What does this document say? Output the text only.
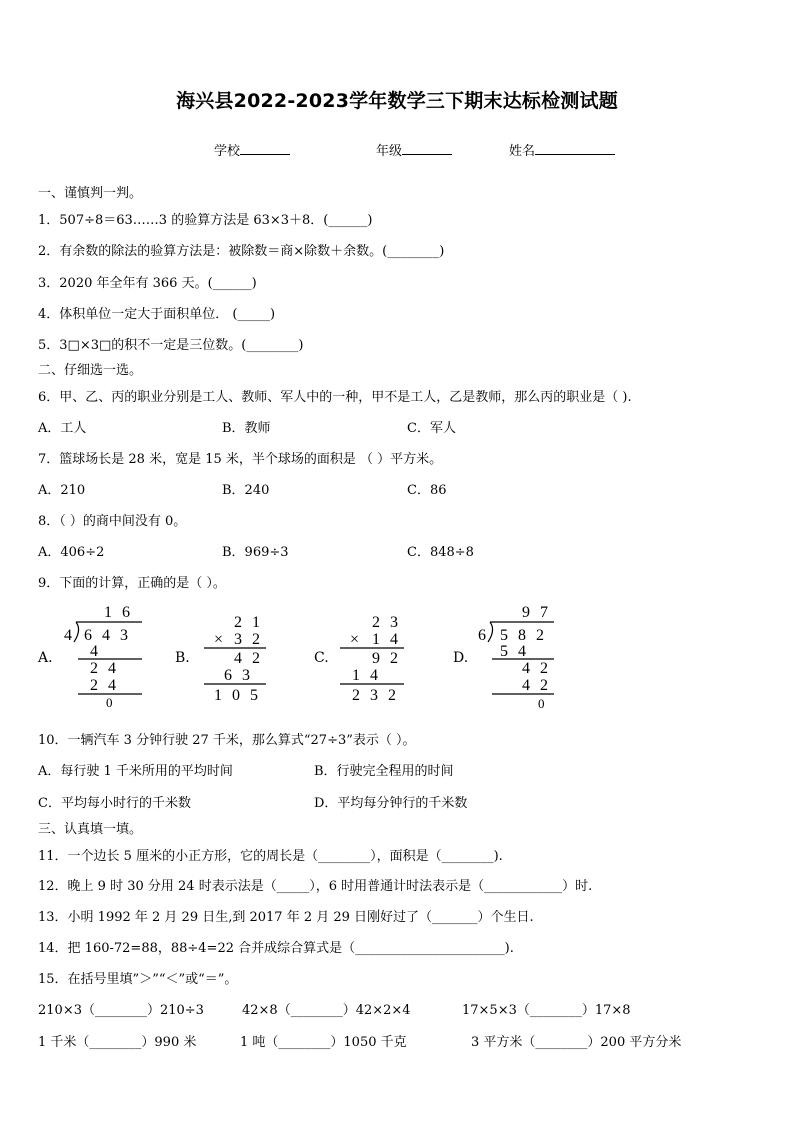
海兴县2022-2023学年数学三下期末达标检测试题
学校	年级	姓名
一、谨慎判一判。
1．507÷8＝63……3 的验算方法是 63×3＋8．(______)
2．有余数的除法的验算方法是：被除数＝商×除数＋余数。(________)
3．2020 年全年有 366 天。(______)
4．体积单位一定大于面积单位． (_____)
5．3□×3□的积不一定是三位数。(________)
二、仔细选一选。
6．甲、乙、丙的职业分别是工人、教师、军人中的一种，甲不是工人，乙是教师，那么丙的职业是（ ).
A．工人	B．教师	C．军人
7．篮球场长是 28 米，宽是 15 米，半个球场的面积是 （ ）平方米。
A．210	B．240	C．86
8．（ ）的商中间没有 0。
A．406÷2	B．969÷3	C．848÷8
9．下面的计算，正确的是（ ）。
A.
1 6
4 6 4 3
4
2 4
2 4
0
B.
2 1
× 3 2
4 2
6 3
1 0 5
C.
2 3
× 1 4
9 2
1 4
2 3 2
D.
9 7
6 5 8 2
5 4
4 2
4 2
0
10．一辆汽车 3 分钟行驶 27 千米，那么算式“27÷3”表示（ ）。
A．每行驶 1 千米所用的平均时间	B．行驶完全程用的时间
C．平均每小时行的千米数	D．平均每分钟行的千米数
三、认真填一填。
11．一个边长 5 厘米的小正方形，它的周长是（________），面积是（________).
12．晚上 9 时 30 分用 24 时表示法是（_____），6 时用普通计时法表示是（____________）时.
13．小明 1992 年 2 月 29 日生,到 2017 年 2 月 29 日刚好过了（_______）个生日.
14．把 160-72=88，88÷4=22 合并成综合算式是（_______________________).
15．在括号里填”＞”“＜”或“＝”。
210×3（________）210÷3	42×8（________）42×2×4	17×5×3（________）17×8
1 千米（________）990 米	1 吨（________）1050 千克	3 平方米（________）200 平方分米
